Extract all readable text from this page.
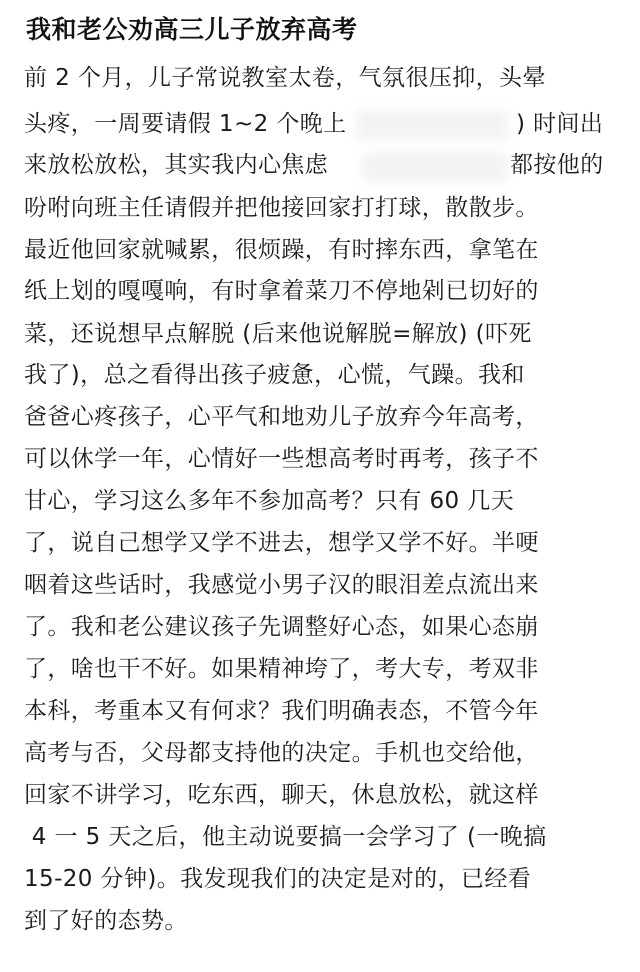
我和老公劝高三儿子放弃高考

前 2 个月，儿子常说教室太卷，气氛很压抑，头晕

头疼，一周要请假 1~2 个晚上	) 时间出

来放松放松，其实我内心焦虑	都按他的

吩咐向班主任请假并把他接回家打打球，散散步。

最近他回家就喊累，很烦躁，有时摔东西，拿笔在

纸上划的嘎嘎响，有时拿着菜刀不停地剁已切好的

菜，还说想早点解脱 (后来他说解脱=解放) (吓死

我了)，总之看得出孩子疲惫，心慌，气躁。我和

爸爸心疼孩子，心平气和地劝儿子放弃今年高考，

可以休学一年，心情好一些想高考时再考，孩子不

甘心，学习这么多年不参加高考？只有 60 几天

了，说自己想学又学不进去，想学又学不好。半哽

咽着这些话时，我感觉小男子汉的眼泪差点流出来

了。我和老公建议孩子先调整好心态，如果心态崩

了，啥也干不好。如果精神垮了，考大专，考双非

本科，考重本又有何求？我们明确表态，不管今年

高考与否，父母都支持他的决定。手机也交给他，

回家不讲学习，吃东西，聊天，休息放松，就这样

4 一 5 天之后，他主动说要搞一会学习了 (一晚搞

15-20 分钟)。我发现我们的决定是对的，已经看

到了好的态势。
